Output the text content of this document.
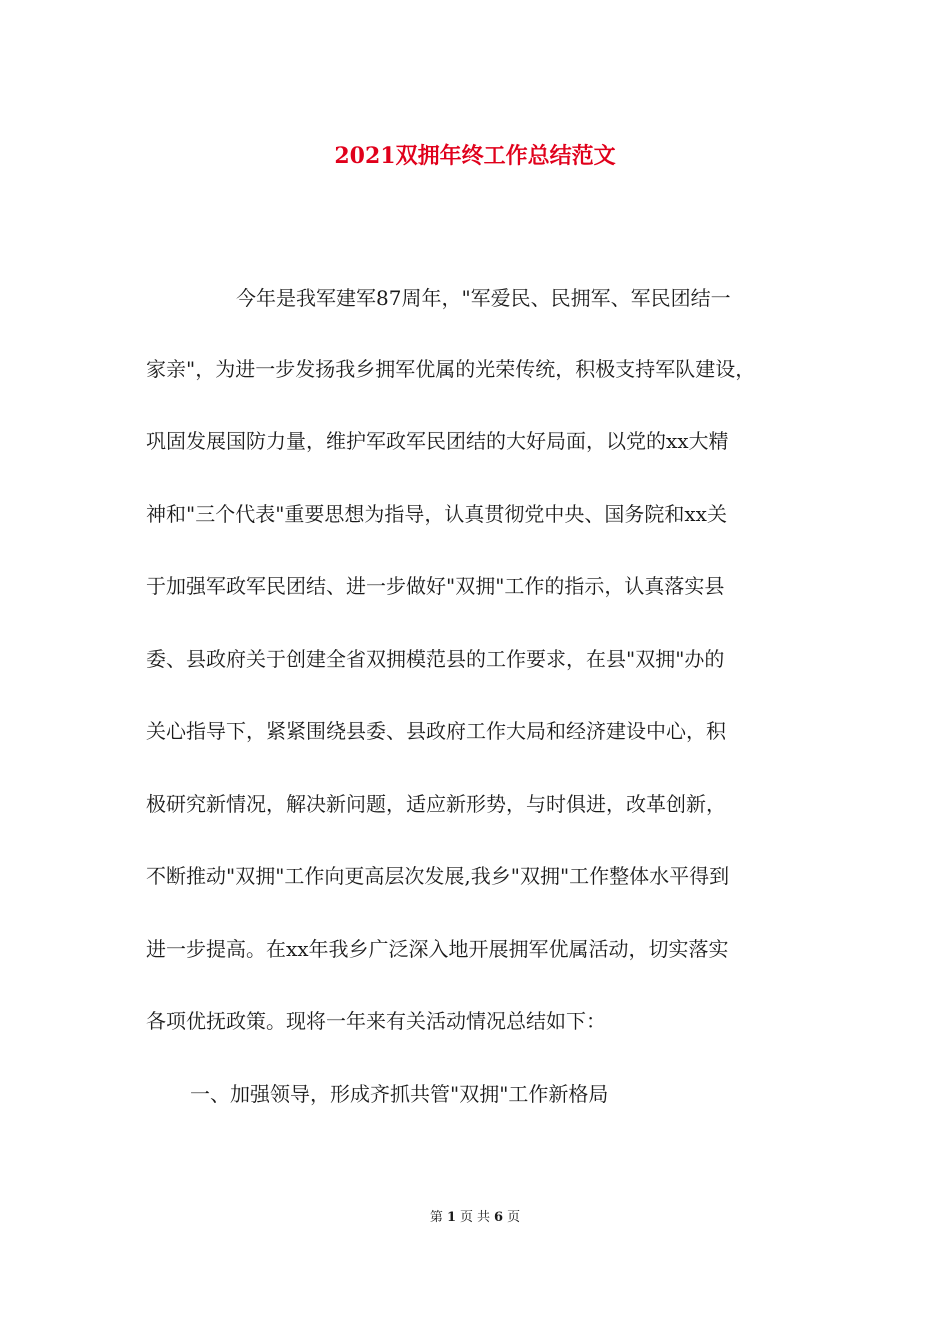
2021双拥年终工作总结范文
今年是我军建军87周年，"军爱民、民拥军、军民团结一
家亲"，为进一步发扬我乡拥军优属的光荣传统，积极支持军队建设，
巩固发展国防力量，维护军政军民团结的大好局面，以党的xx大精
神和"三个代表"重要思想为指导，认真贯彻党中央、国务院和xx关
于加强军政军民团结、进一步做好"双拥"工作的指示，认真落实县
委、县政府关于创建全省双拥模范县的工作要求，在县"双拥"办的
关心指导下，紧紧围绕县委、县政府工作大局和经济建设中心，积
极研究新情况，解决新问题，适应新形势，与时俱进，改革创新，
不断推动"双拥"工作向更高层次发展,我乡"双拥"工作整体水平得到
进一步提高。在xx年我乡广泛深入地开展拥军优属活动，切实落实
各项优抚政策。现将一年来有关活动情况总结如下：
一、加强领导，形成齐抓共管"双拥"工作新格局
第 1 页 共 6 页
